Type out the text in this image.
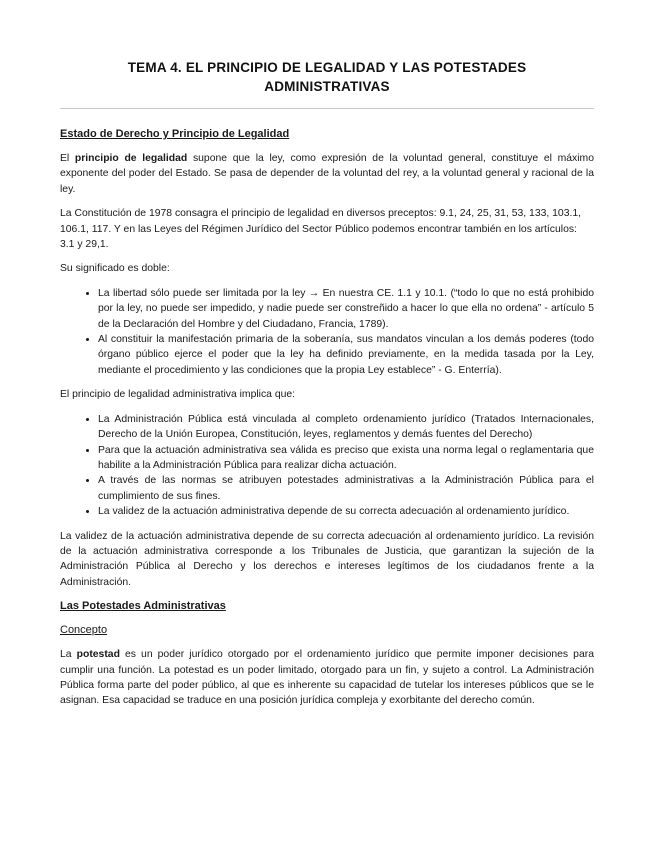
TEMA 4. EL PRINCIPIO DE LEGALIDAD Y LAS POTESTADES
ADMINISTRATIVAS
Estado de Derecho y Principio de Legalidad

El principio de legalidad supone que la ley, como expresión de la voluntad general, constituye el máximo exponente del poder del Estado. Se pasa de depender de la voluntad del rey, a la voluntad general y racional de la ley.

La Constitución de 1978 consagra el principio de legalidad en diversos preceptos: 9.1, 24, 25, 31, 53, 133, 103.1, 106.1, 117. Y en las Leyes del Régimen Jurídico del Sector Público podemos encontrar también en los artículos: 3.1 y 29,1.

Su significado es doble:

• La libertad sólo puede ser limitada por la ley → En nuestra CE. 1.1 y 10.1. (“todo lo que no está prohibido por la ley, no puede ser impedido, y nadie puede ser constreñido a hacer lo que ella no ordena” - artículo 5 de la Declaración del Hombre y del Ciudadano, Francia, 1789).
• Al constituir la manifestación primaria de la soberanía, sus mandatos vinculan a los demás poderes (todo órgano público ejerce el poder que la ley ha definido previamente, en la medida tasada por la Ley, mediante el procedimiento y las condiciones que la propia Ley establece” - G. Enterría).

El principio de legalidad administrativa implica que:

• La Administración Pública está vinculada al completo ordenamiento jurídico (Tratados Internacionales, Derecho de la Unión Europea, Constitución, leyes, reglamentos y demás fuentes del Derecho)
• Para que la actuación administrativa sea válida es preciso que exista una norma legal o reglamentaria que habilite a la Administración Pública para realizar dicha actuación.
• A través de las normas se atribuyen potestades administrativas a la Administración Pública para el cumplimiento de sus fines.
• La validez de la actuación administrativa depende de su correcta adecuación al ordenamiento jurídico.

La validez de la actuación administrativa depende de su correcta adecuación al ordenamiento jurídico. La revisión de la actuación administrativa corresponde a los Tribunales de Justicia, que garantizan la sujeción de la Administración Pública al Derecho y los derechos e intereses legítimos de los ciudadanos frente a la Administración.

Las Potestades Administrativas
Concepto

La potestad es un poder jurídico otorgado por el ordenamiento jurídico que permite imponer decisiones para cumplir una función. La potestad es un poder limitado, otorgado para un fin, y sujeto a control. La Administración Pública forma parte del poder público, al que es inherente su capacidad de tutelar los intereses públicos que se le asignan. Esa capacidad se traduce en una posición jurídica compleja y exorbitante del derecho común.
